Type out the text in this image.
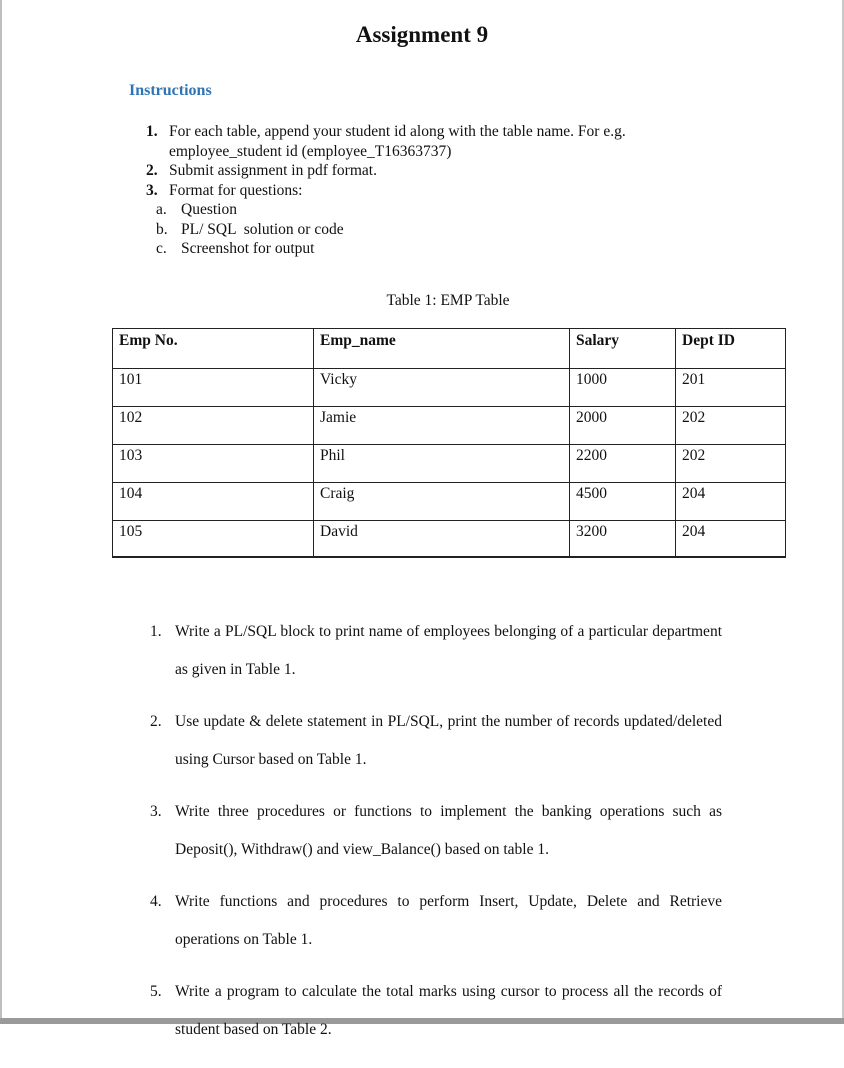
Assignment 9
Instructions
1. For each table, append your student id along with the table name. For e.g. employee_student id (employee_T16363737)
2. Submit assignment in pdf format.
3. Format for questions:
a. Question
b. PL/ SQL  solution or code
c. Screenshot for output
Table 1: EMP Table
Emp No.	Emp_name	Salary	Dept ID
101	Vicky	1000	201
102	Jamie	2000	202
103	Phil	2200	202
104	Craig	4500	204
105	David	3200	204
1. Write a PL/SQL block to print name of employees belonging of a particular department as given in Table 1.
2. Use update & delete statement in PL/SQL, print the number of records updated/deleted using Cursor based on Table 1.
3. Write three procedures or functions to implement the banking operations such as Deposit(), Withdraw() and view_Balance() based on table 1.
4. Write functions and procedures to perform Insert, Update, Delete and Retrieve operations on Table 1.
5. Write a program to calculate the total marks using cursor to process all the records of student based on Table 2.
